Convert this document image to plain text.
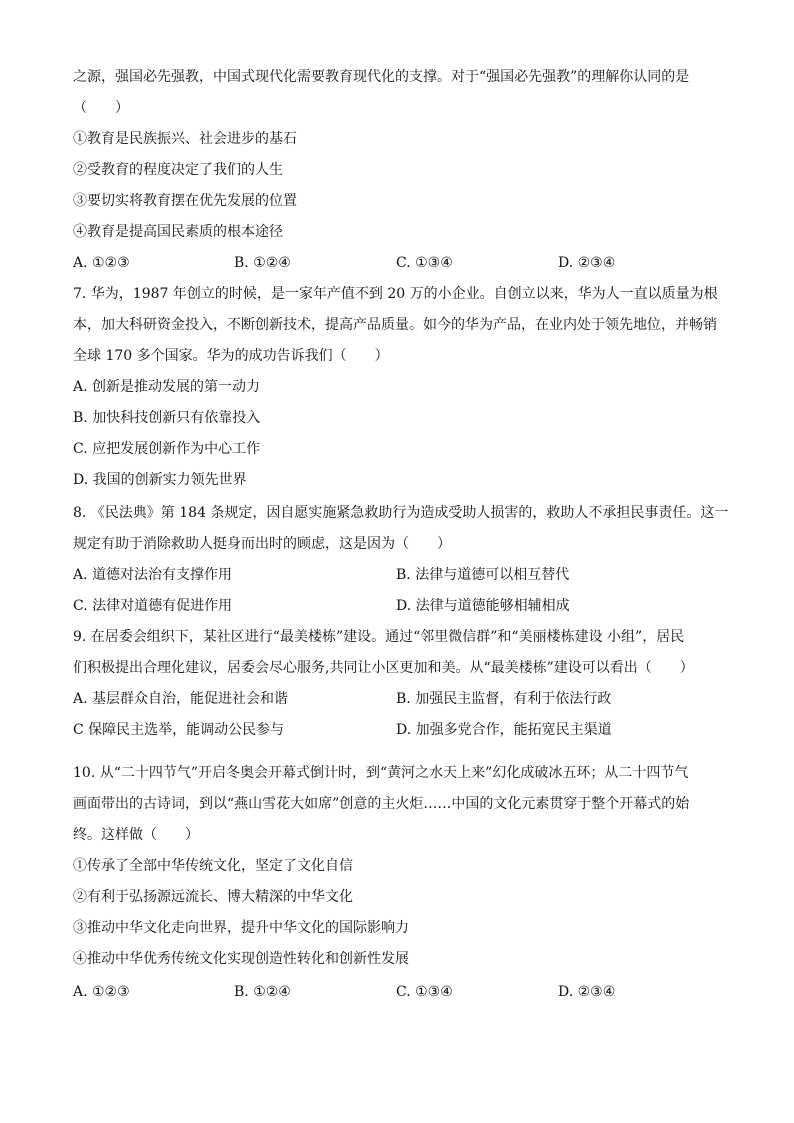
之源，强国必先强教，中国式现代化需要教育现代化的支撑。对于“强国必先强教”的理解你认同的是
（　　）
①教育是民族振兴、社会进步的基石
②受教育的程度决定了我们的人生
③要切实将教育摆在优先发展的位置
④教育是提高国民素质的根本途径
A. ①②③	B. ①②④	C. ①③④	D. ②③④
7. 华为，1987 年创立的时候，是一家年产值不到 20 万的小企业。自创立以来，华为人一直以质量为根
本，加大科研资金投入，不断创新技术，提高产品质量。如今的华为产品，在业内处于领先地位，并畅销
全球 170 多个国家。华为的成功告诉我们（　　）
A. 创新是推动发展的第一动力
B. 加快科技创新只有依靠投入
C. 应把发展创新作为中心工作
D. 我国的创新实力领先世界
8. 《民法典》第 184 条规定，因自愿实施紧急救助行为造成受助人损害的，救助人不承担民事责任。这一
规定有助于消除救助人挺身而出时的顾虑，这是因为（　　）
A. 道德对法治有支撑作用	B. 法律与道德可以相互替代
C. 法律对道德有促进作用	D. 法律与道德能够相辅相成
9. 在居委会组织下，某社区进行“最美楼栋”建设。通过“邻里微信群”和“美丽楼栋建设 小组”，居民
们积极提出合理化建议，居委会尽心服务,共同让小区更加和美。从“最美楼栋”建设可以看出（　　）
A. 基层群众自治，能促进社会和谐	B. 加强民主监督，有利于依法行政
C 保障民主选举，能调动公民参与	D. 加强多党合作，能拓宽民主渠道
10. 从“二十四节气”开启冬奥会开幕式倒计时，到“黄河之水天上来”幻化成破冰五环；从二十四节气
画面带出的古诗词，到以“燕山雪花大如席”创意的主火炬……中国的文化元素贯穿于整个开幕式的始
终。这样做（　　）
①传承了全部中华传统文化，坚定了文化自信
②有利于弘扬源远流长、博大精深的中华文化
③推动中华文化走向世界，提升中华文化的国际影响力
④推动中华优秀传统文化实现创造性转化和创新性发展
A. ①②③	B. ①②④	C. ①③④	D. ②③④
